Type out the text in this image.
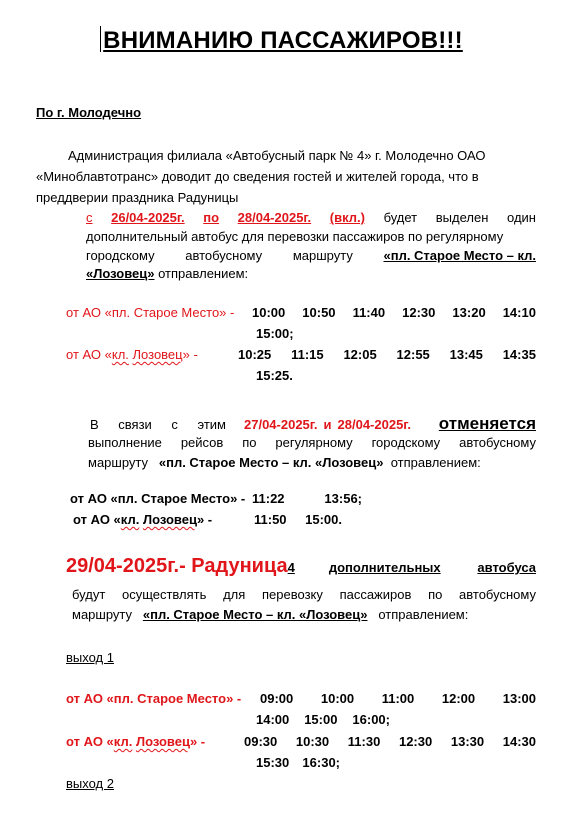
ВНИМАНИЮ ПАССАЖИРОВ!!!
По г. Молодечно
Администрация филиала «Автобусный парк № 4» г. Молодечно ОАО
«Миноблавтотранс» доводит до сведения гостей и жителей города, что в
преддверии праздника Радуницы
с 26/04-2025г. по 28/04-2025г. (вкл.) будет выделен один
дополнительный автобус для перевозки пассажиров по регулярному
городскому автобусному маршруту «пл. Старое Место – кл.
«Лозовец» отправлением:
от АО «пл. Старое Место» - 10:00 10:50 11:40 12:30 13:20 14:10
15:00;
от АО «кл. Лозовец» -	10:25 11:15 12:05 12:55 13:45 14:35
15:25.
В связи с этим 27/04-2025г. и 28/04-2025г. отменяется
выполнение рейсов по регулярному городскому автобусному
маршруту «пл. Старое Место – кл. «Лозовец» отправлением:
от АО «пл. Старое Место» - 11:22	13:56;
от АО «кл. Лозовец» -	11:50 15:00.
29/04-2025г.- Радуница 4	дополнительных	автобуса
будут осуществлять для перевозку пассажиров по автобусному
маршруту «пл. Старое Место – кл. «Лозовец» отправлением:
выход 1
от АО «пл. Старое Место» - 09:00 10:00 11:00 12:00 13:00
14:00 15:00 16:00;
от АО «кл. Лозовец» -	09:30 10:30 11:30 12:30 13:30 14:30
15:30 16:30;
выход 2
